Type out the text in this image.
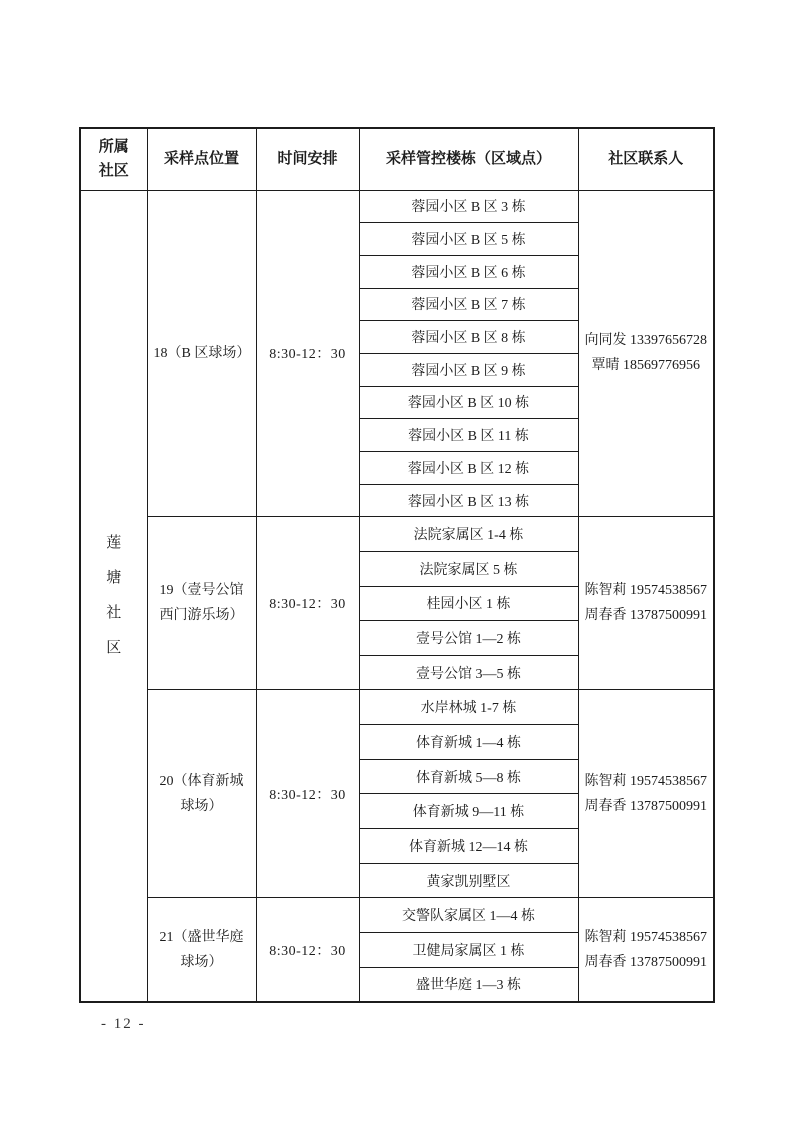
所属社区	采样点位置	时间安排	采样管控楼栋（区域点）	社区联系人

莲塘社区	18（B 区球场）	8:30-12：30	蓉园小区 B 区 3 栋	向同发 13397656728
覃晴 18569776956

			蓉园小区 B 区 5 栋	
			蓉园小区 B 区 6 栋	
			蓉园小区 B 区 7 栋	
			蓉园小区 B 区 8 栋	
			蓉园小区 B 区 9 栋	
			蓉园小区 B 区 10 栋	
			蓉园小区 B 区 11 栋	
			蓉园小区 B 区 12 栋	
			蓉园小区 B 区 13 栋	
	19（壹号公馆西门游乐场）	8:30-12：30	法院家属区 1-4 栋	陈智莉 19574538567
周春香 13787500991

			法院家属区 5 栋	
			桂园小区 1 栋	
			壹号公馆 1—2 栋	
			壹号公馆 3—5 栋	
	20（体育新城球场）	8:30-12：30	水岸林城 1-7 栋	陈智莉 19574538567
周春香 13787500991

			体育新城 1—4 栋	
			体育新城 5—8 栋	
			体育新城 9—11 栋	
			体育新城 12—14 栋	
			黄家凯别墅区	
	21（盛世华庭球场）	8:30-12：30	交警队家属区 1—4 栋	陈智莉 19574538567
周春香 13787500991

			卫健局家属区 1 栋	
			盛世华庭 1—3 栋	
- 12 -
